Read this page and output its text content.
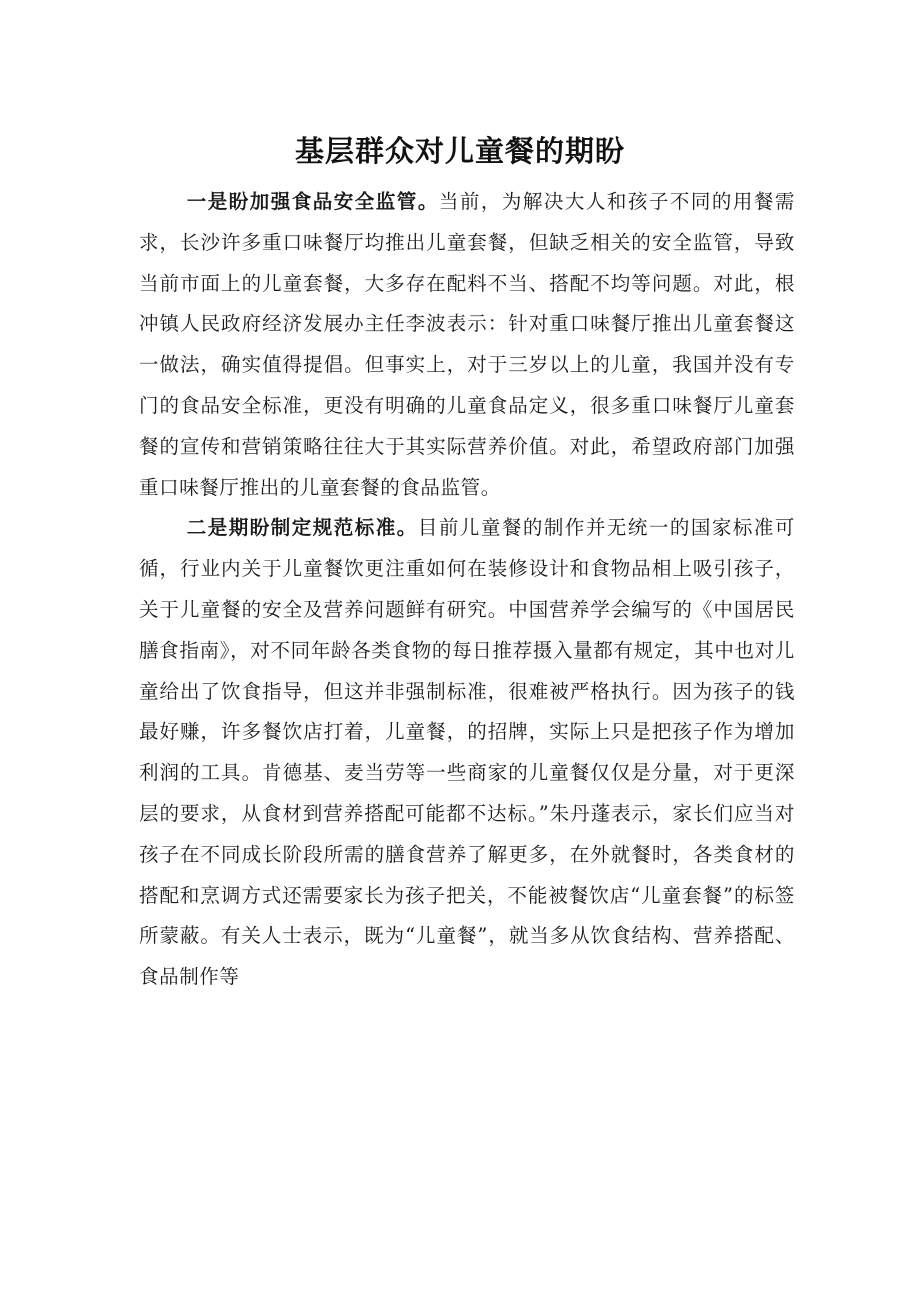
基层群众对儿童餐的期盼

一是盼加强食品安全监管。当前，为解决大人和孩子不同的用餐需求，长沙许多重口味餐厅均推出儿童套餐，但缺乏相关的安全监管，导致当前市面上的儿童套餐，大多存在配料不当、搭配不均等问题。对此，根冲镇人民政府经济发展办主任李波表示：针对重口味餐厅推出儿童套餐这一做法，确实值得提倡。但事实上，对于三岁以上的儿童，我国并没有专门的食品安全标准，更没有明确的儿童食品定义，很多重口味餐厅儿童套餐的宣传和营销策略往往大于其实际营养价值。对此，希望政府部门加强重口味餐厅推出的儿童套餐的食品监管。

二是期盼制定规范标准。目前儿童餐的制作并无统一的国家标准可循，行业内关于儿童餐饮更注重如何在装修设计和食物品相上吸引孩子，关于儿童餐的安全及营养问题鲜有研究。中国营养学会编写的《中国居民膳食指南》，对不同年龄各类食物的每日推荐摄入量都有规定，其中也对儿童给出了饮食指导，但这并非强制标准，很难被严格执行。因为孩子的钱最好赚，许多餐饮店打着，儿童餐，的招牌，实际上只是把孩子作为增加利润的工具。肯德基、麦当劳等一些商家的儿童餐仅仅是分量，对于更深层的要求，从食材到营养搭配可能都不达标。”朱丹蓬表示，家长们应当对孩子在不同成长阶段所需的膳食营养了解更多，在外就餐时，各类食材的搭配和烹调方式还需要家长为孩子把关，不能被餐饮店“儿童套餐”的标签所蒙蔽。有关人士表示，既为“儿童餐”，就当多从饮食结构、营养搭配、食品制作等
